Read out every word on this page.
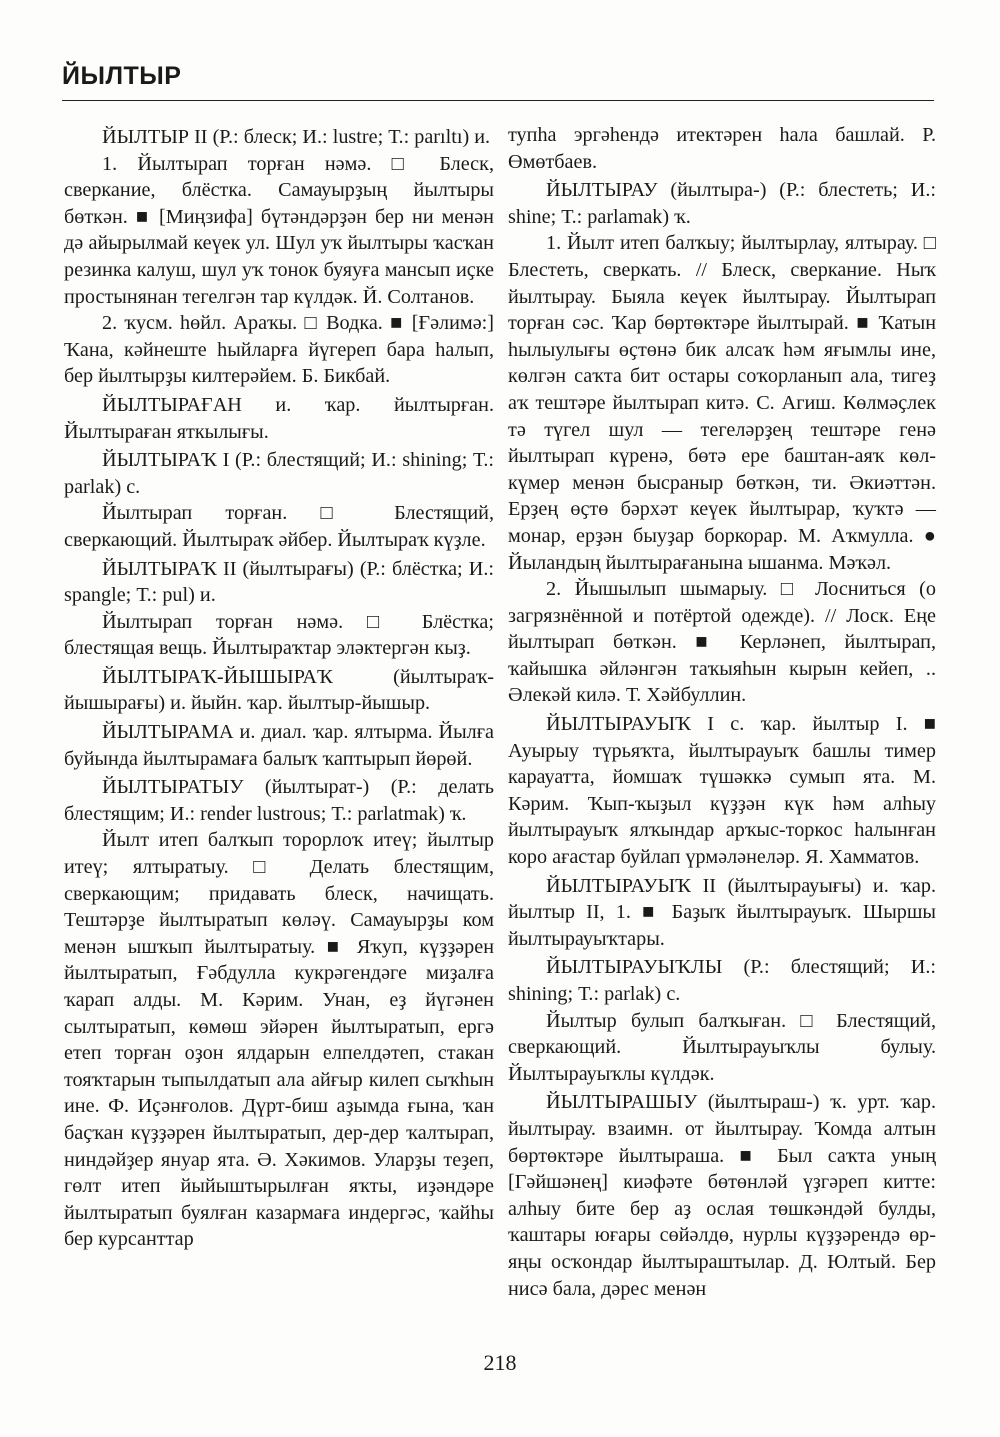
ЙЫЛТЫР

ЙЫЛТЫР II (Р.: блеск; И.: lustre; Т.: parıltı) и.

1. Йылтырап торған нәмә. □ Блеск, сверкание, блёстка. Самауырҙың йылтыры бөткән. ■ [Миңзифа] бүтәндәрҙән бер ни менән дә айырылмай кеүек ул. Шул уҡ йылтыры ҡасҡан резинка калуш, шул уҡ тонок буяуға мансып иҫке простынянан тегелгән тар күлдәк. Й. Солтанов.

2. ҡусм. һөйл. Араҡы. □ Водка. ■ [Ғәлимә:] Ҡана, кәйнеште һыйларға йүгереп бара һалып, бер йылтырҙы килтерәйем. Б. Бикбай.

ЙЫЛТЫРАҒАН и. ҡар. йылтырған. Йылтыраған яткылығы.

ЙЫЛТЫРАҠ I (Р.: блестящий; И.: shining; Т.: parlak) с.

Йылтырап торған. □ Блестящий, сверкающий. Йылтыраҡ әйбер. Йылтыраҡ күҙле.

ЙЫЛТЫРАҠ II (йылтырағы) (Р.: блёстка; И.: spangle; Т.: pul) и.

Йылтырап торған нәмә. □ Блёстка; блестящая вещь. Йылтыраҡтар эләктергән кыҙ.

ЙЫЛТЫРАҠ-ЙЫШЫРАҠ (йылтыраҡ-йышырағы) и. йыйн. ҡар. йылтыр-йышыр.

ЙЫЛТЫРАМА и. диал. ҡар. ялтырма. Йылға буйында йылтырамаға балыҡ ҡаптырып йөрөй.

ЙЫЛТЫРАТЫУ (йылтырат-) (Р.: делать блестящим; И.: render lustrous; Т.: parlatmak) ҡ.

Йылт итеп балҡып торорлоҡ итеү; йылтыр итеү; ялтыратыу. □ Делать блестящим, сверкающим; придавать блеск, начищать. Тештәрҙе йылтыратып көләү. Самауырҙы ком менән ышҡып йылтыратыу. ■ Яҡуп, күҙҙәрен йылтыратып, Ғәбдулла кукрәгендәге миҙалға ҡарап алды. М. Кәрим. Унан, еҙ йүгәнен сылтыратып, көмөш эйәрен йылтыратып, ергә етеп торған оҙон ялдарын елпелдәтеп, стакан тояҡтарын тыпылдатып ала айғыр килеп сыҡһын ине. Ф. Иҫәнғолов. Дүрт-биш аҙымда ғына, ҡан баҫҡан күҙҙәрен йылтыратып, дер-дер ҡалтырап, ниндәйҙер януар ята. Ә. Хәкимов. Уларҙы теҙеп, гөлт итеп йыйыштырылған яҡты, иҙәндәре йылтыратып буялған казармаға индергәс, ҡайһы бер курсанттар

тупһа эргәһендә итектәрен һала башлай. Р. Өмөтбаев.

ЙЫЛТЫРАУ (йылтыра-) (Р.: блестеть; И.: shine; Т.: parlamak) ҡ.

1. Йылт итеп балҡыу; йылтырлау, ялтырау. □ Блестеть, сверкать. // Блеск, сверкание. Ныҡ йылтырау. Быяла кеүек йылтырау. Йылтырап торған сәс. Ҡар бөртөктәре йылтырай. ■ Ҡатын һылыулығы өҫтөнә бик алсаҡ һәм яғымлы ине, көлгән саҡта бит остары соҡорланып ала, тигеҙ аҡ тештәре йылтырап китә. С. Агиш. Көлмәҫлек тә түгел шул — тегеләрҙең тештәре генә йылтырап күренә, бөтә ере баштан-аяҡ көл-күмер менән бысраныр бөткән, ти. Әкиәттән. Ерҙең өҫтө бәрхәт кеүек йылтырар, ҡуҡтә — монар, ерҙән быуҙар боркорар. М. Аҡмулла. ● Йыландың йылтырағанына ышанма. Мәҡәл.

2. Йышылып шымарыу. □ Лосниться (о загрязнённой и потёртой одежде). // Лоск. Еңе йылтырап бөткән. ■ Керләнеп, йылтырап, ҡайышка әйләнгән таҡыяһын кырын кейеп, .. Әлекәй килә. Т. Хәйбуллин.

ЙЫЛТЫРАУЫҠ I с. ҡар. йылтыр I. ■ Ауырыу түрьяҡта, йылтырауыҡ башлы тимер карауатта, йомшаҡ түшәккә сумып ята. М. Кәрим. Ҡып-ҡыҙыл күҙҙән күк һәм алһыу йылтырауыҡ ялҡындар арҡыс-торкос һалынған коро ағастар буйлап үрмәләнеләр. Я. Хамматов.

ЙЫЛТЫРАУЫҠ II (йылтырауығы) и. ҡар. йылтыр II, 1. ■ Баҙыҡ йылтырауыҡ. Шыршы йылтырауыҡтары.

ЙЫЛТЫРАУЫҠЛЫ (Р.: блестящий; И.: shining; Т.: parlak) с.

Йылтыр булып балҡыған. □ Блестящий, сверкающий. Йылтырауыҡлы булыу. Йылтырауыҡлы күлдәк.

ЙЫЛТЫРАШЫУ (йылтыраш-) ҡ. урт. ҡар. йылтырау. взаимн. от йылтырау. Ҡомда алтын бөртөктәре йылтыраша. ■ Был саҡта уның [Гәйшәнең] киәфәте бөтөнләй үҙгәреп китте: алһыу бите бер аҙ ослая төшкәндәй булды, ҡаштары юғары сөйәлдө, нурлы күҙҙәрендә өр-яңы осҡондар йылтыраштылар. Д. Юлтый. Бер нисә бала, дәрес менән

218
